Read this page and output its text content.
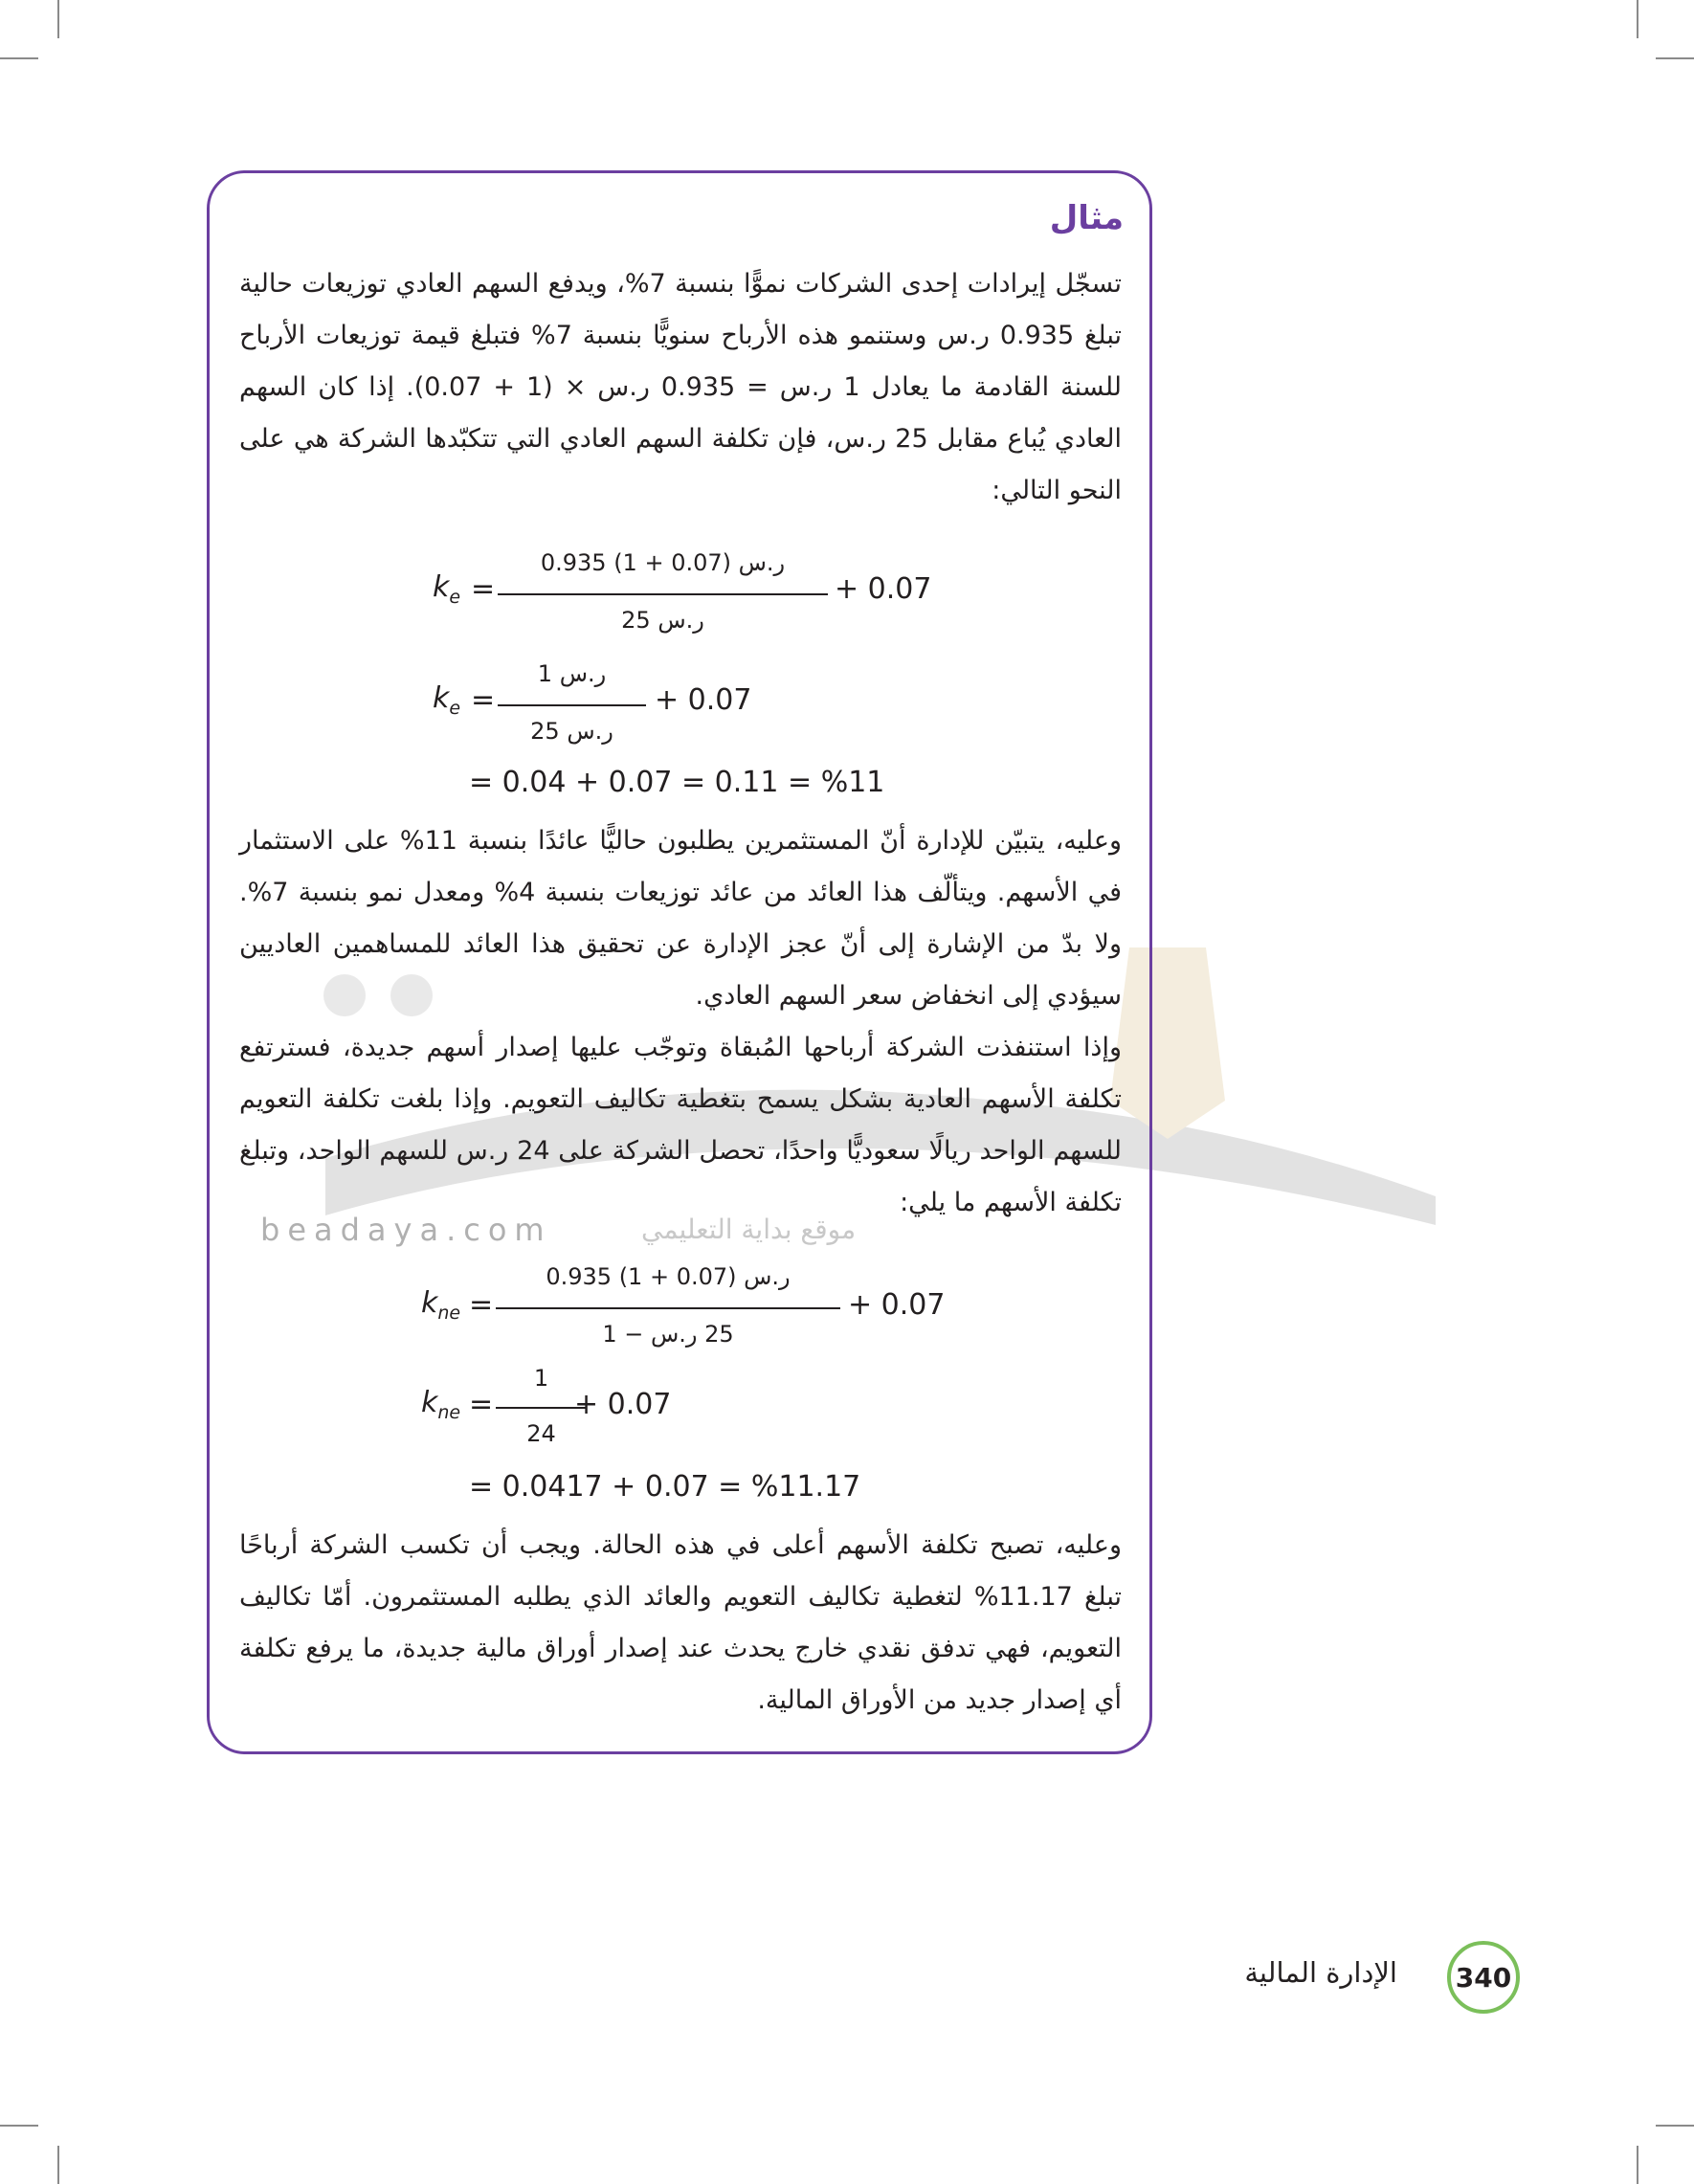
beadaya.com	موقع بداية التعليمي
مثال

تسجّل إيرادات إحدى الشركات نموًّا بنسبة 7%، ويدفع السهم العادي توزيعات حالية تبلغ 0.935 ر.س وستنمو هذه الأرباح سنويًّا بنسبة 7% فتبلغ قيمة توزيعات الأرباح للسنة القادمة ما يعادل 1 ر.س = 0.935 ر.س × (1 + 0.07). إذا كان السهم العادي يُباع مقابل 25 ر.س، فإن تكلفة السهم العادي التي تتكبّدها الشركة هي على النحو التالي:

$k_e$ =
0.935 (1 + 0.07) ر.س
25 ر.س
+ 0.07
$k_e$ =
1 ر.س
25 ر.س
+ 0.07
= 0.04 + 0.07 = 0.11 = %11

وعليه، يتبيّن للإدارة أنّ المستثمرين يطلبون حاليًّا عائدًا بنسبة 11% على الاستثمار في الأسهم. ويتألّف هذا العائد من عائد توزيعات بنسبة 4% ومعدل نمو بنسبة 7%. ولا بدّ من الإشارة إلى أنّ عجز الإدارة عن تحقيق هذا العائد للمساهمين العاديين سيؤدي إلى انخفاض سعر السهم العادي.

وإذا استنفذت الشركة أرباحها المُبقاة وتوجّب عليها إصدار أسهم جديدة، فسترتفع تكلفة الأسهم العادية بشكل يسمح بتغطية تكاليف التعويم. وإذا بلغت تكلفة التعويم للسهم الواحد ريالًا سعوديًّا واحدًا، تحصل الشركة على 24 ر.س للسهم الواحد، وتبلغ تكلفة الأسهم ما يلي:

$k_{ne}$ =
0.935 (1 + 0.07) ر.س
25 ر.س − 1
+ 0.07
$k_{ne}$ =
1
24
+ 0.07
= 0.0417 + 0.07 = %11.17

وعليه، تصبح تكلفة الأسهم أعلى في هذه الحالة. ويجب أن تكسب الشركة أرباحًا تبلغ 11.17% لتغطية تكاليف التعويم والعائد الذي يطلبه المستثمرون. أمّا تكاليف التعويم، فهي تدفق نقدي خارج يحدث عند إصدار أوراق مالية جديدة، ما يرفع تكلفة أي إصدار جديد من الأوراق المالية.

الإدارة المالية 340
